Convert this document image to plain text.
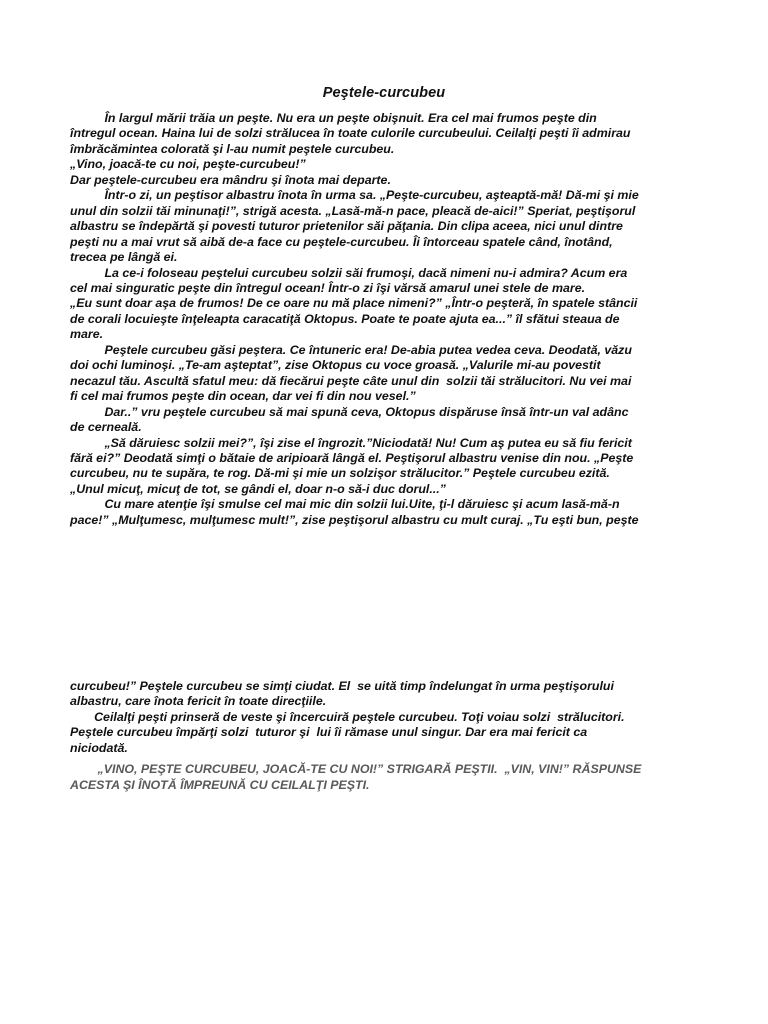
Peştele-curcubeu
În largul mării trăia un peşte. Nu era un peşte obişnuit. Era cel mai frumos peşte din
întregul ocean. Haina lui de solzi strălucea în toate culorile curcubeului. Ceilalţi peşti îi admirau
îmbrăcămintea colorată şi l-au numit peştele curcubeu.
„Vino, joacă-te cu noi, peşte-curcubeu!”
Dar peştele-curcubeu era mândru şi înota mai departe.
Într-o zi, un peştisor albastru înota în urma sa. „Peşte-curcubeu, aşteaptă-mă! Dă-mi şi mie
unul din solzii tăi minunaţi!”, strigă acesta. „Lasă-mă-n pace, pleacă de-aici!” Speriat, peştişorul
albastru se îndepărtă şi povesti tuturor prietenilor săi păţania. Din clipa aceea, nici unul dintre
peşti nu a mai vrut să aibă de-a face cu peştele-curcubeu. Îi întorceau spatele când, înotând,
trecea pe lângă ei.
La ce-i foloseau peştelui curcubeu solzii săi frumoşi, dacă nimeni nu-i admira? Acum era
cel mai singuratic peşte din întregul ocean! Într-o zi îşi vărsă amarul unei stele de mare.
„Eu sunt doar aşa de frumos! De ce oare nu mă place nimeni?” „Într-o peşteră, în spatele stâncii
de corali locuieşte înţeleapta caracatiţă Oktopus. Poate te poate ajuta ea...” îl sfătui steaua de
mare.
Peştele curcubeu găsi peştera. Ce întuneric era! De-abia putea vedea ceva. Deodată, văzu
doi ochi luminoşi. „Te-am aşteptat”, zise Oktopus cu voce groasă. „Valurile mi-au povestit
necazul tău. Ascultă sfatul meu: dă fiecărui peşte câte unul din  solzii tăi strălucitori. Nu vei mai
fi cel mai frumos peşte din ocean, dar vei fi din nou vesel.”
Dar..” vru peştele curcubeu să mai spună ceva, Oktopus dispăruse însă într-un val adânc
de cerneală.
„Să dăruiesc solzii mei?”, îşi zise el îngrozit.”Niciodată! Nu! Cum aş putea eu să fiu fericit
fără ei?” Deodată simţi o bătaie de aripioară lângă el. Peştişorul albastru venise din nou. „Peşte
curcubeu, nu te supăra, te rog. Dă-mi şi mie un solzişor strălucitor.” Peştele curcubeu ezită.
„Unul micuţ, micuţ de tot, se gândi el, doar n-o să-i duc dorul...”
Cu mare atenţie îşi smulse cel mai mic din solzii lui.Uite, ţi-l dăruiesc şi acum lasă-mă-n
pace!” „Mulţumesc, mulţumesc mult!”, zise peştişorul albastru cu mult curaj. „Tu eşti bun, peşte
curcubeu!” Peştele curcubeu se simţi ciudat. El  se uită timp îndelungat în urma peştişorului
albastru, care înota fericit în toate direcţiile.
Ceilalţi peşti prinseră de veste şi încercuiră peştele curcubeu. Toţi voiau solzi  strălucitori.
Peştele curcubeu împărţi solzi  tuturor şi  lui îi rămase unul singur. Dar era mai fericit ca
niciodată.
„VINO, PEŞTE CURCUBEU, JOACĂ-TE CU NOI!” STRIGARĂ PEŞTII.  „VIN, VIN!” RĂSPUNSE
ACESTA ŞI ÎNOTĂ ÎMPREUNĂ CU CEILALŢI PEŞTI.
